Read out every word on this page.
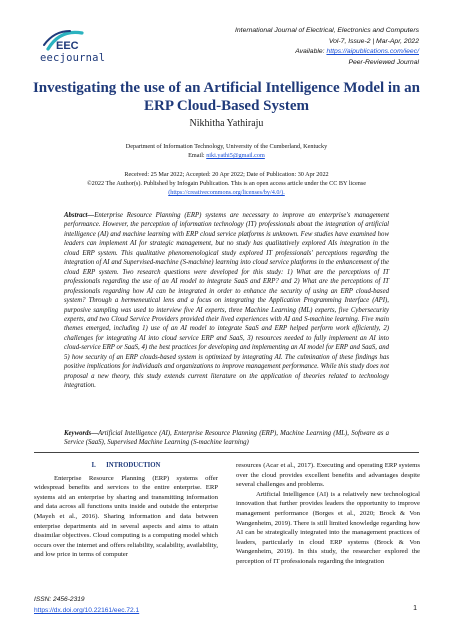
EEC
eecjournal
International Journal of Electrical, Electronics and Computers
Vol-7, Issue-2 | Mar-Apr, 2022
Available: https://aipublications.com/ieec/
Peer-Reviewed Journal
Investigating the use of an Artificial Intelligence Model in an ERP Cloud-Based System
Nikhitha Yathiraju
Department of Information Technology, University of the Cumberland, Kentucky
Email: niki.yathi5@gmail.com
Received: 25 Mar 2022; Accepted: 20 Apr 2022; Date of Publication: 30 Apr 2022
©2022 The Author(s). Published by Infogain Publication. This is an open access article under the CC BY license
(https://creativecommons.org/licenses/by/4.0/).
Abstract—Enterprise Resource Planning (ERP) systems are necessary to improve an enterprise's management performance. However, the perception of information technology (IT) professionals about the integration of artificial intelligence (AI) and machine learning with ERP cloud service platforms is unknown. Few studies have examined how leaders can implement AI for strategic management, but no study has qualitatively explored AIs integration in the cloud ERP system. This qualitative phenomenological study explored IT professionals' perceptions regarding the integration of AI and Supervised-machine (S-machine) learning into cloud service platforms in the enhancement of the cloud ERP system. Two research questions were developed for this study: 1) What are the perceptions of IT professionals regarding the use of an AI model to integrate SaaS and ERP? and 2) What are the perceptions of IT professionals regarding how AI can be integrated in order to enhance the security of using an ERP cloud-based system? Through a hermeneutical lens and a focus on integrating the Application Programming Interface (API), purposive sampling was used to interview five AI experts, three Machine Learning (ML) experts, five Cybersecurity experts, and two Cloud Service Providers provided their lived experiences with AI and S-machine learning. Five main themes emerged, including 1) use of an AI model to integrate SaaS and ERP helped perform work efficiently, 2) challenges for integrating AI into cloud service ERP and SaaS, 3) resources needed to fully implement an AI into cloud-service ERP or SaaS, 4) the best practices for developing and implementing an AI model for ERP and SaaS, and 5) how security of an ERP clouds-based system is optimized by integrating AI. The culmination of these findings has positive implications for individuals and organizations to improve management performance. While this study does not proposal a new theory, this study extends current literature on the application of theories related to technology integration.
Keywords—Artificial Intelligence (AI), Enterprise Resource Planning (ERP), Machine Learning (ML), Software as a Service (SaaS), Supervised Machine Learning (S-machine learning)
I.      INTRODUCTION

Enterprise Resource Planning (ERP) systems offer widespread benefits and services to the entire enterprise. ERP systems aid an enterprise by sharing and transmitting information and data across all functions units inside and outside the enterprise (Mayeh et al., 2016). Sharing information and data between enterprise departments aid in several aspects and aims to attain dissimilar objectives. Cloud computing is a computing model which occurs over the internet and offers reliability, scalability, availability, and low price in terms of computer

resources (Acar et al., 2017). Executing and operating ERP systems over the cloud provides excellent benefits and advantages despite several challenges and problems.

Artificial Intelligence (AI) is a relatively new technological innovation that further provides leaders the opportunity to improve management performance (Borges et al., 2020; Brock & Von Wangenheim, 2019). There is still limited knowledge regarding how AI can be strategically integrated into the management practices of leaders, particularly in cloud ERP systems (Brock & Von Wangenheim, 2019). In this study, the researcher explored the perception of IT professionals regarding the integration

ISSN: 2456-2319
https://dx.doi.org/10.22161/eec.72.1	1
